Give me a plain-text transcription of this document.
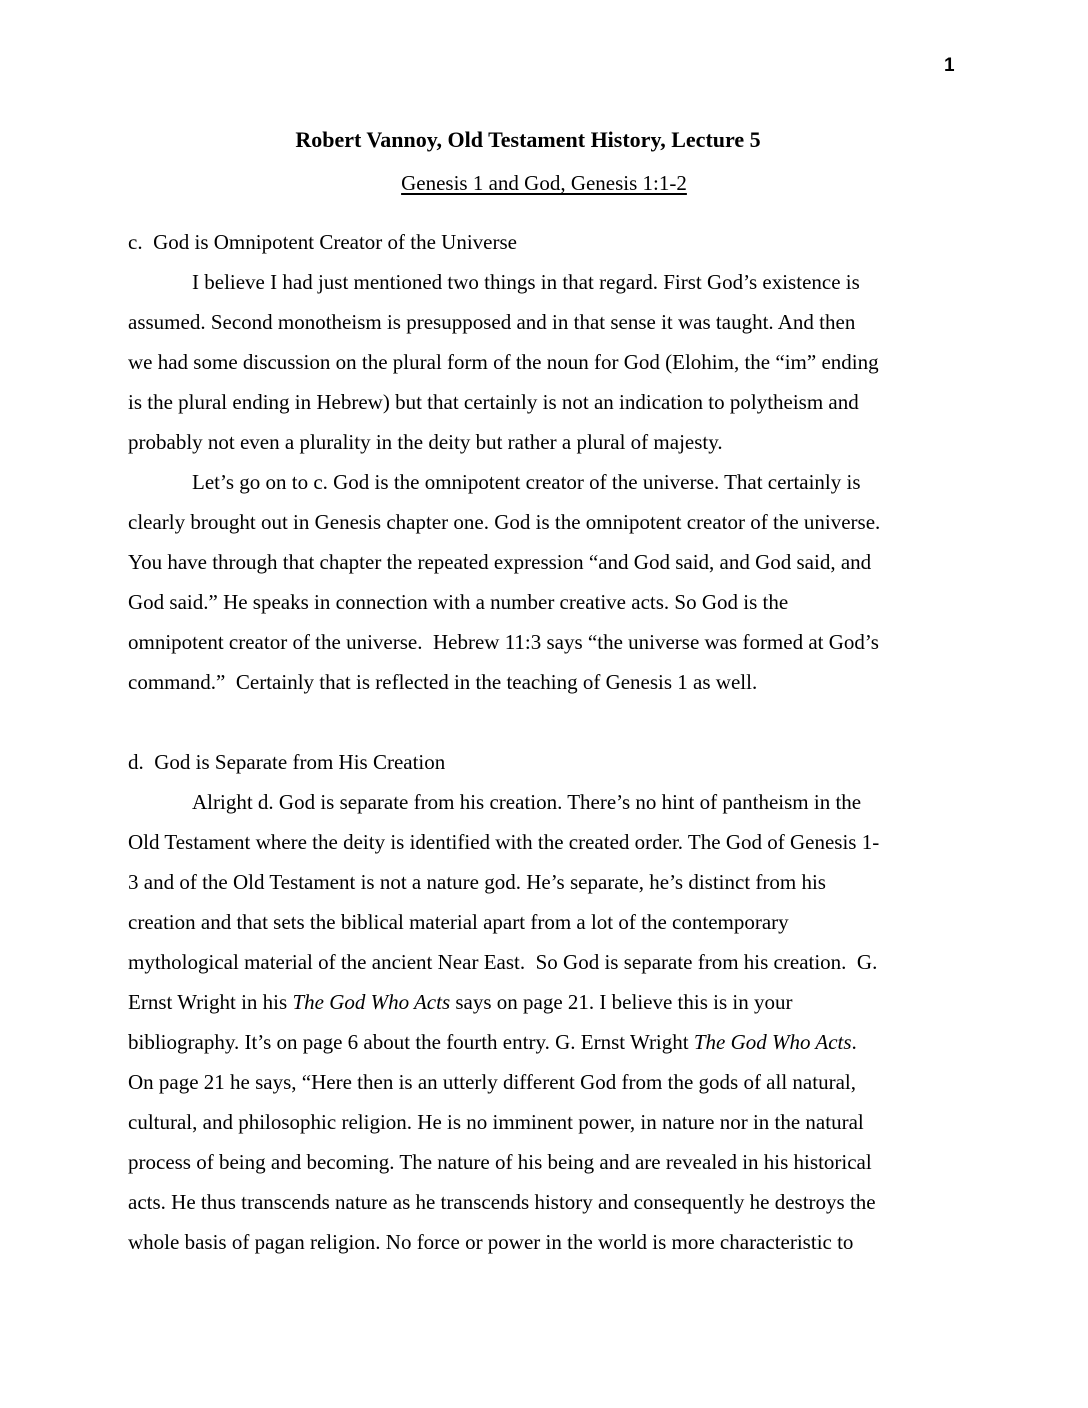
1
Robert Vannoy, Old Testament History, Lecture 5
Genesis 1 and God, Genesis 1:1-2
c.  God is Omnipotent Creator of the Universe
I believe I had just mentioned two things in that regard. First God’s existence is
assumed. Second monotheism is presupposed and in that sense it was taught. And then
we had some discussion on the plural form of the noun for God (Elohim, the “im” ending
is the plural ending in Hebrew) but that certainly is not an indication to polytheism and
probably not even a plurality in the deity but rather a plural of majesty.
Let’s go on to c. God is the omnipotent creator of the universe. That certainly is
clearly brought out in Genesis chapter one. God is the omnipotent creator of the universe.
You have through that chapter the repeated expression “and God said, and God said, and
God said.” He speaks in connection with a number creative acts. So God is the
omnipotent creator of the universe.  Hebrew 11:3 says “the universe was formed at God’s
command.”  Certainly that is reflected in the teaching of Genesis 1 as well.
d.  God is Separate from His Creation
Alright d. God is separate from his creation. There’s no hint of pantheism in the
Old Testament where the deity is identified with the created order. The God of Genesis 1-
3 and of the Old Testament is not a nature god. He’s separate, he’s distinct from his
creation and that sets the biblical material apart from a lot of the contemporary
mythological material of the ancient Near East.  So God is separate from his creation.  G.
Ernst Wright in his The God Who Acts says on page 21. I believe this is in your
bibliography. It’s on page 6 about the fourth entry. G. Ernst Wright The God Who Acts.
On page 21 he says, “Here then is an utterly different God from the gods of all natural,
cultural, and philosophic religion. He is no imminent power, in nature nor in the natural
process of being and becoming. The nature of his being and are revealed in his historical
acts. He thus transcends nature as he transcends history and consequently he destroys the
whole basis of pagan religion. No force or power in the world is more characteristic to
